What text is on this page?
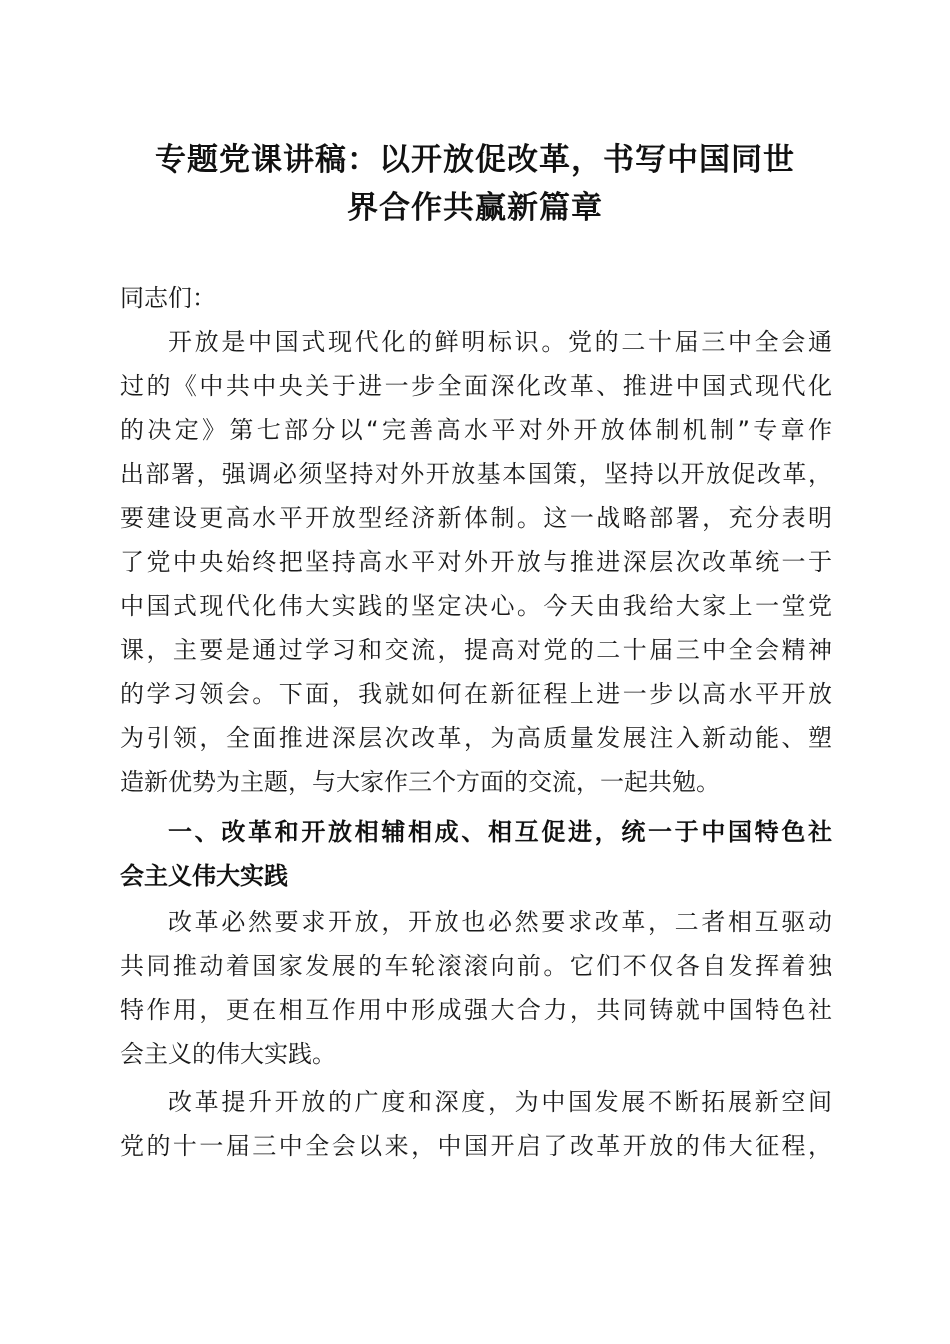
专题党课讲稿：以开放促改革，书写中国同世
界合作共赢新篇章

同志们：

开放是中国式现代化的鲜明标识。党的二十届三中全会通

过的《中共中央关于进一步全面深化改革、推进中国式现代化

的决定》第七部分以“完善高水平对外开放体制机制”专章作

出部署，强调必须坚持对外开放基本国策，坚持以开放促改革，

要建设更高水平开放型经济新体制。这一战略部署，充分表明

了党中央始终把坚持高水平对外开放与推进深层次改革统一于

中国式现代化伟大实践的坚定决心。今天由我给大家上一堂党

课，主要是通过学习和交流，提高对党的二十届三中全会精神

的学习领会。下面，我就如何在新征程上进一步以高水平开放

为引领，全面推进深层次改革，为高质量发展注入新动能、塑

造新优势为主题，与大家作三个方面的交流，一起共勉。

一、改革和开放相辅相成、相互促进，统一于中国特色社

会主义伟大实践

改革必然要求开放，开放也必然要求改革，二者相互驱动

共同推动着国家发展的车轮滚滚向前。它们不仅各自发挥着独

特作用，更在相互作用中形成强大合力，共同铸就中国特色社

会主义的伟大实践。

改革提升开放的广度和深度，为中国发展不断拓展新空间

党的十一届三中全会以来，中国开启了改革开放的伟大征程，
